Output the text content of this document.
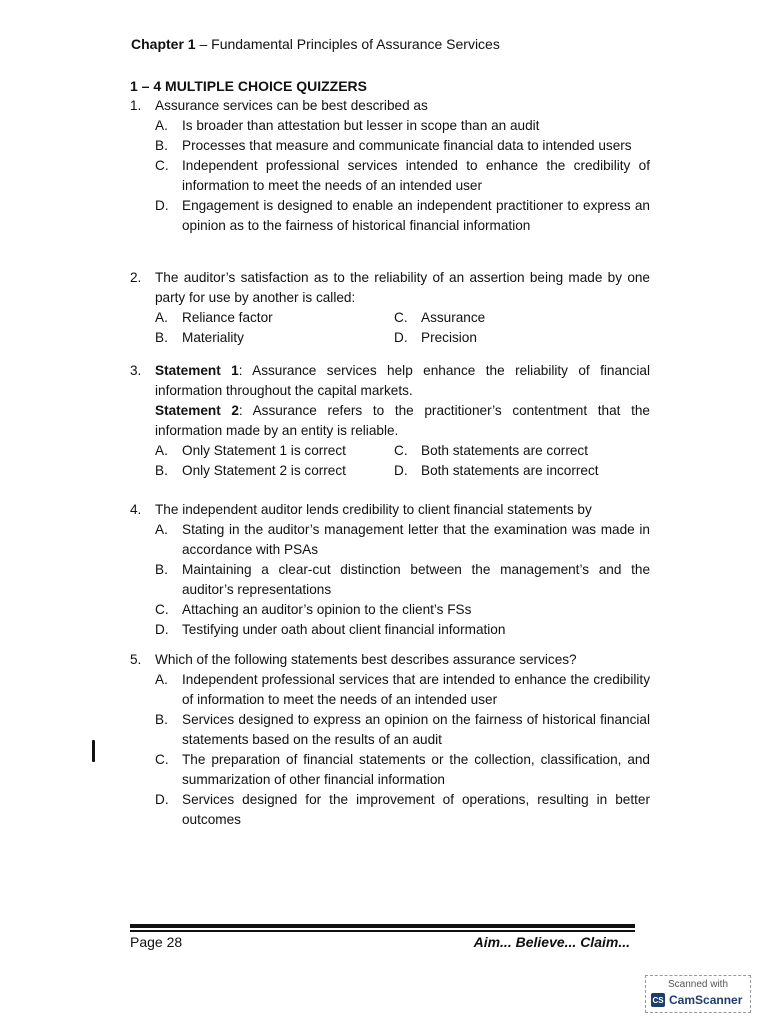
Chapter 1 – Fundamental Principles of Assurance Services
1 – 4 MULTIPLE CHOICE QUIZZERS
1.	Assurance services can be best described as
A.	Is broader than attestation but lesser in scope than an audit
B.	Processes that measure and communicate financial data to intended users
C. Independent professional services intended to enhance the credibility of information to meet the needs of an intended user
D. Engagement is designed to enable an independent practitioner to express an opinion as to the fairness of historical financial information
2.	The auditor’s satisfaction as to the reliability of an assertion being made by one party for use by another is called:
A.	Reliance factor	C. Assurance
B.	Materiality	D. Precision
3.	Statement 1: Assurance services help enhance the reliability of financial information throughout the capital markets.
Statement 2: Assurance refers to the practitioner’s contentment that the information made by an entity is reliable.
A.	Only Statement 1 is correct	C. Both statements are correct
B.	Only Statement 2 is correct	D. Both statements are incorrect
4.	The independent auditor lends credibility to client financial statements by
A.	Stating in the auditor’s management letter that the examination was made in accordance with PSAs
B.	Maintaining a clear-cut distinction between the management’s and the auditor’s representations
C. Attaching an auditor’s opinion to the client’s FSs
D. Testifying under oath about client financial information
5.	Which of the following statements best describes assurance services?
A.	Independent professional services that are intended to enhance the credibility of information to meet the needs of an intended user
B.	Services designed to express an opinion on the fairness of historical financial statements based on the results of an audit
C. The preparation of financial statements or the collection, classification, and summarization of other financial information
D. Services designed for the improvement of operations, resulting in better outcomes
Page 28	Aim... Believe... Claim...
Scanned with
CS CamScanner
